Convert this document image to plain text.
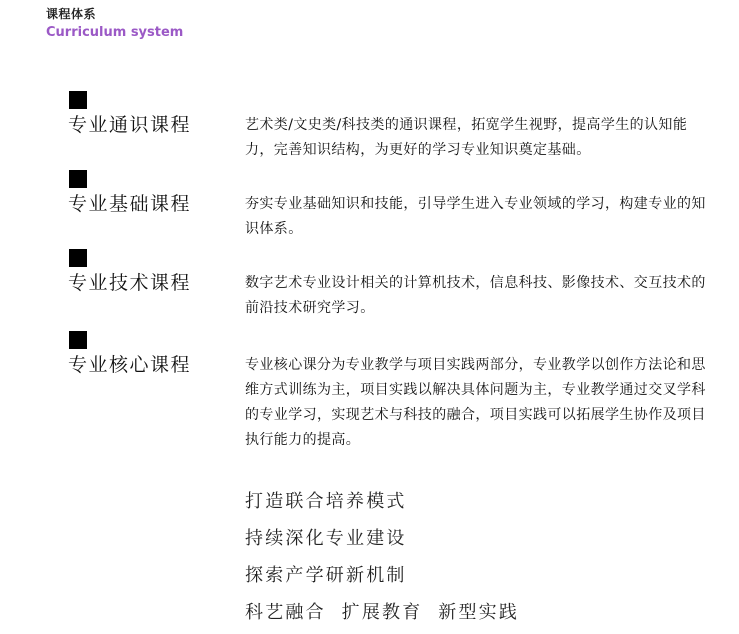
课程体系
Curriculum system
专业通识课程	艺术类/文史类/科技类的通识课程，拓宽学生视野，提高学生的认知能力，完善知识结构，为更好的学习专业知识奠定基础。
专业基础课程	夯实专业基础知识和技能，引导学生进入专业领域的学习，构建专业的知识体系。
专业技术课程	数字艺术专业设计相关的计算机技术，信息科技、影像技术、交互技术的前沿技术研究学习。
专业核心课程	专业核心课分为专业教学与项目实践两部分，专业教学以创作方法论和思维方式训练为主，项目实践以解决具体问题为主，专业教学通过交叉学科的专业学习，实现艺术与科技的融合，项目实践可以拓展学生协作及项目执行能力的提高。
打造联合培养模式
持续深化专业建设
探索产学研新机制
科艺融合  扩展教育  新型实践
